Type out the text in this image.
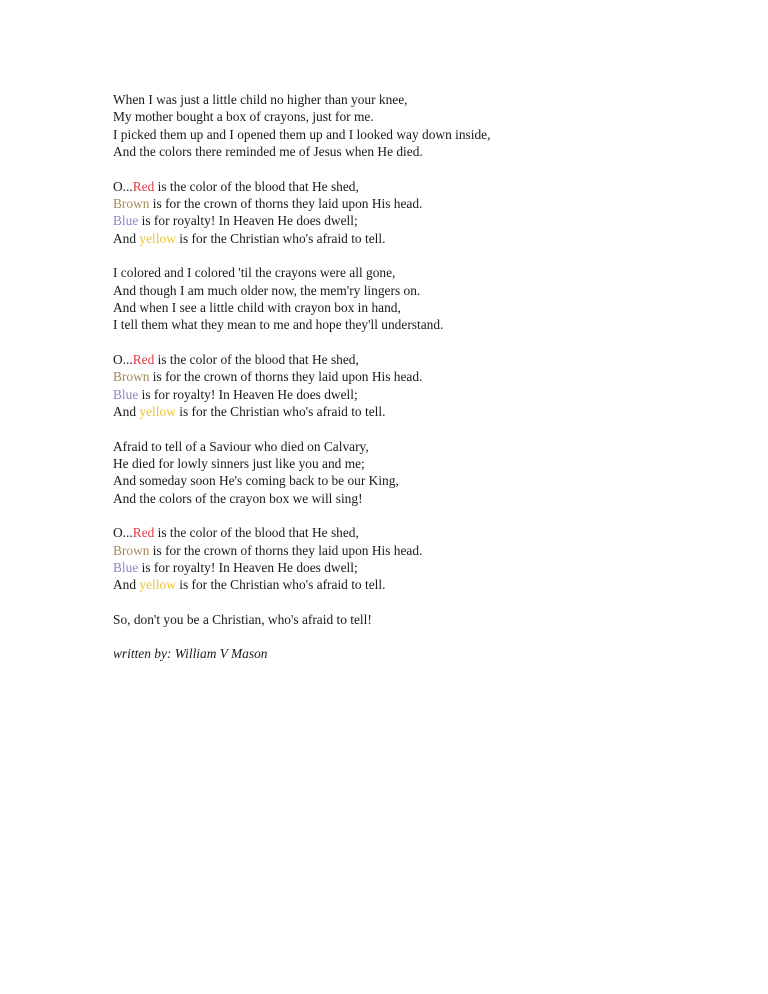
When I was just a little child no higher than your knee,
My mother bought a box of crayons, just for me.
I picked them up and I opened them up and I looked way down inside,
And the colors there reminded me of Jesus when He died.
O...Red is the color of the blood that He shed,
Brown is for the crown of thorns they laid upon His head.
Blue is for royalty! In Heaven He does dwell;
And yellow is for the Christian who's afraid to tell.
I colored and I colored 'til the crayons were all gone,
And though I am much older now, the mem'ry lingers on.
And when I see a little child with crayon box in hand,
I tell them what they mean to me and hope they'll understand.
O...Red is the color of the blood that He shed,
Brown is for the crown of thorns they laid upon His head.
Blue is for royalty! In Heaven He does dwell;
And yellow is for the Christian who's afraid to tell.
Afraid to tell of a Saviour who died on Calvary,
He died for lowly sinners just like you and me;
And someday soon He's coming back to be our King,
And the colors of the crayon box we will sing!
O...Red is the color of the blood that He shed,
Brown is for the crown of thorns they laid upon His head.
Blue is for royalty! In Heaven He does dwell;
And yellow is for the Christian who's afraid to tell.
So, don't you be a Christian, who's afraid to tell!
written by: William V Mason
